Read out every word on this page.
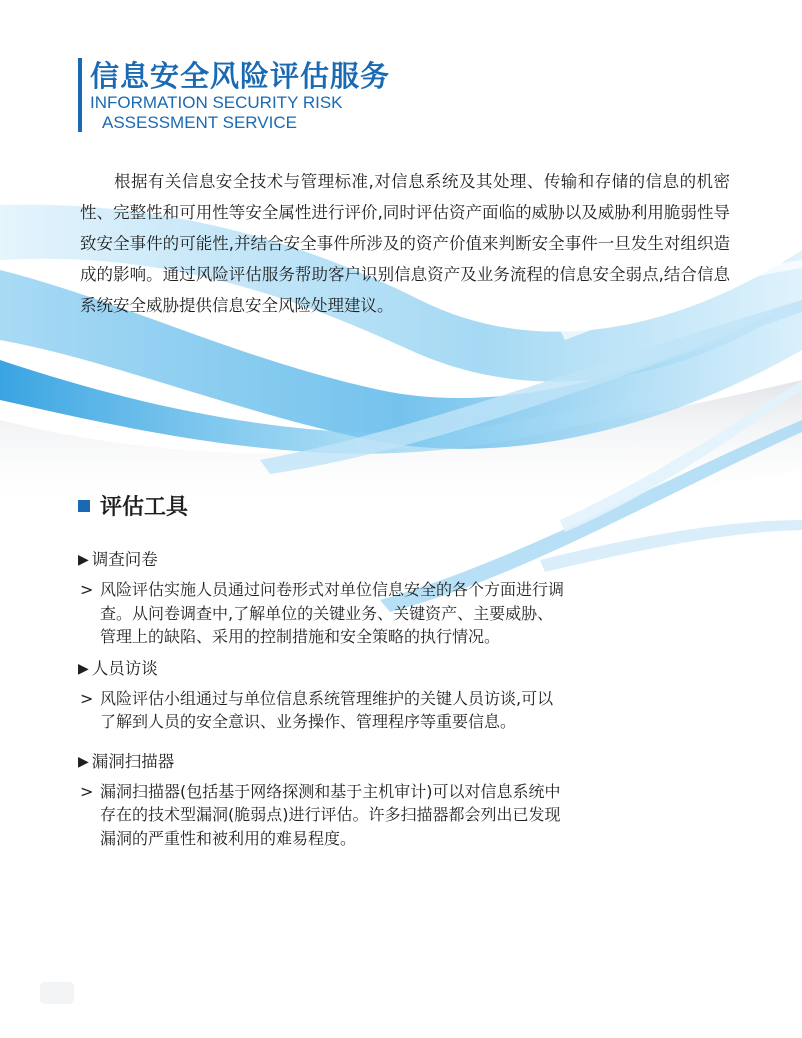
信息安全风险评估服务
INFORMATION SECURITY RISK
ASSESSMENT SERVICE
根据有关信息安全技术与管理标准,对信息系统及其处理、传输和存储的信息的机密性、完整性和可用性等安全属性进行评价,同时评估资产面临的威胁以及威胁利用脆弱性导致安全事件的可能性,并结合安全事件所涉及的资产价值来判断安全事件一旦发生对组织造成的影响。通过风险评估服务帮助客户识别信息资产及业务流程的信息安全弱点,结合信息系统安全威胁提供信息安全风险处理建议。
评估工具
▶ 调查问卷
> 风险评估实施人员通过问卷形式对单位信息安全的各个方面进行调查。从问卷调查中,了解单位的关键业务、关键资产、主要威胁、管理上的缺陷、采用的控制措施和安全策略的执行情况。
▶ 人员访谈
> 风险评估小组通过与单位信息系统管理维护的关键人员访谈,可以了解到人员的安全意识、业务操作、管理程序等重要信息。
▶ 漏洞扫描器
> 漏洞扫描器(包括基于网络探测和基于主机审计)可以对信息系统中存在的技术型漏洞(脆弱点)进行评估。许多扫描器都会列出已发现漏洞的严重性和被利用的难易程度。
